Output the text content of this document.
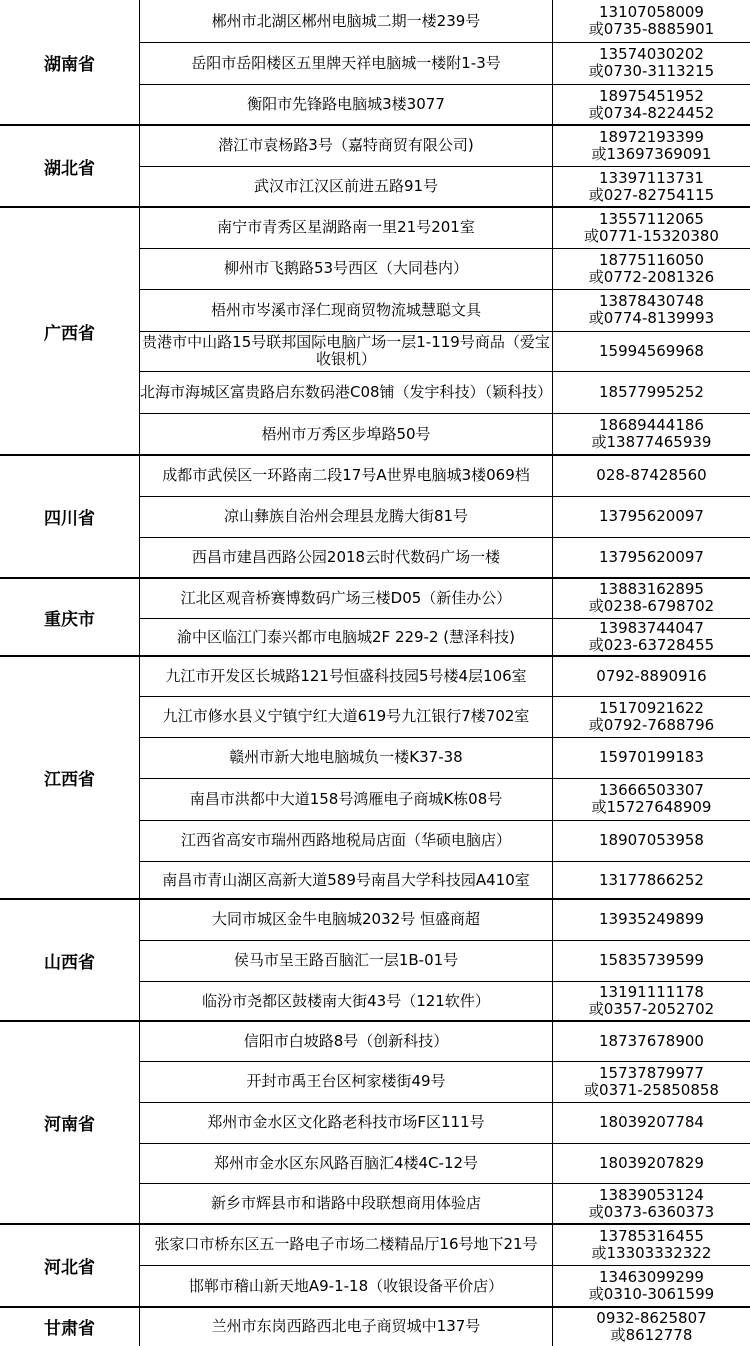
湖南省
郴州市北湖区郴州电脑城二期一楼239号	13107058009
或0735-8885901
岳阳市岳阳楼区五里牌天祥电脑城一楼附1-3号	13574030202
或0730-3113215
衡阳市先锋路电脑城3楼3077	18975451952
或0734-8224452
湖北省
潜江市袁杨路3号（嘉特商贸有限公司)	18972193399
或13697369091
武汉市江汉区前进五路91号	13397113731
或027-82754115
广西省
南宁市青秀区星湖路南一里21号201室	13557112065
或0771-15320380
柳州市飞鹅路53号西区（大同巷内）	18775116050
或0772-2081326
梧州市岑溪市泽仁现商贸物流城慧聪文具	13878430748
或0774-8139993
贵港市中山路15号联邦国际电脑广场一层1-119号商品（爱宝收银机）	15994569968
北海市海城区富贵路启东数码港C08铺（发宇科技）（颖科技）	18577995252
梧州市万秀区步埠路50号	18689444186
或13877465939
四川省
成都市武侯区一环路南二段17号A世界电脑城3楼069档	028-87428560
凉山彝族自治州会理县龙腾大街81号	13795620097
西昌市建昌西路公园2018云时代数码广场一楼	13795620097
重庆市
江北区观音桥赛博数码广场三楼D05（新佳办公）	13883162895
或0238-6798702
渝中区临江门泰兴都市电脑城2F 229-2 (慧泽科技)	13983744047
或023-63728455
江西省
九江市开发区长城路121号恒盛科技园5号楼4层106室	0792-8890916
九江市修水县义宁镇宁红大道619号九江银行7楼702室	15170921622
或0792-7688796
赣州市新大地电脑城负一楼K37-38	15970199183
南昌市洪都中大道158号鸿雁电子商城K栋08号	13666503307
或15727648909
江西省高安市瑞州西路地税局店面（华硕电脑店）	18907053958
南昌市青山湖区高新大道589号南昌大学科技园A410室	13177866252
山西省
大同市城区金牛电脑城2032号 恒盛商超	13935249899
侯马市呈王路百脑汇一层1B-01号	15835739599
临汾市尧都区鼓楼南大街43号（121软件）	13191111178
或0357-2052702
河南省
信阳市白坡路8号（创新科技）	18737678900
开封市禹王台区柯家楼街49号	15737879977
或0371-25850858
郑州市金水区文化路老科技市场F区111号	18039207784
郑州市金水区东风路百脑汇4楼4C-12号	18039207829
新乡市辉县市和谐路中段联想商用体验店	13839053124
或0373-6360373
河北省
张家口市桥东区五一路电子市场二楼精品厅16号地下21号	13785316455
或13303332322
邯郸市稽山新天地A9-1-18（收银设备平价店）	13463099299
或0310-3061599
甘肃省	兰州市东岗西路西北电子商贸城中137号	0932-8625807
或8612778
